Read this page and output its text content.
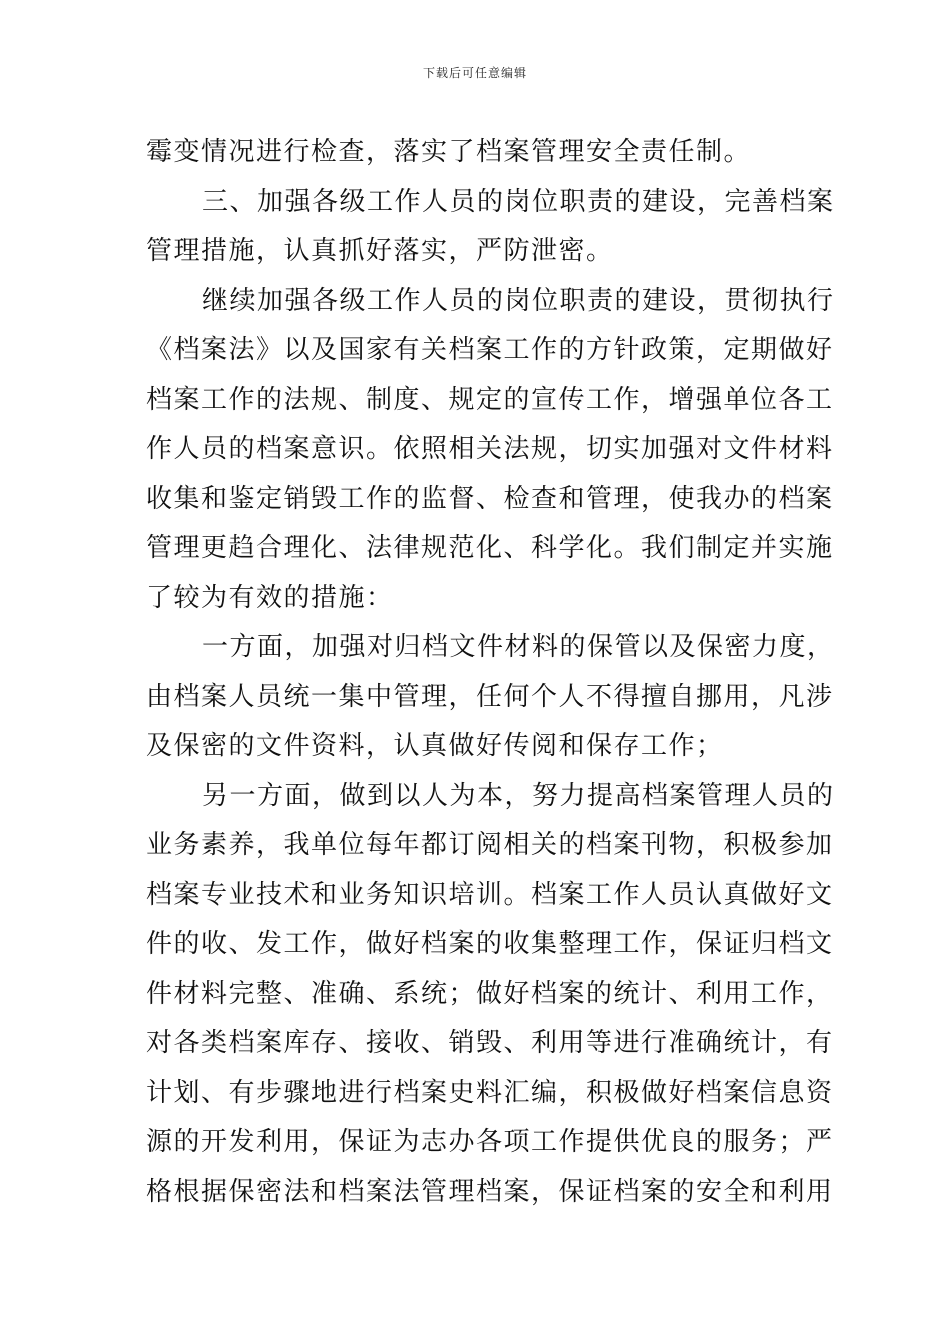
下载后可任意编辑
霉变情况进行检查，落实了档案管理安全责任制。
三、加强各级工作人员的岗位职责的建设，完善档案
管理措施，认真抓好落实，严防泄密。
继续加强各级工作人员的岗位职责的建设，贯彻执行
《档案法》以及国家有关档案工作的方针政策，定期做好
档案工作的法规、制度、规定的宣传工作，增强单位各工
作人员的档案意识。依照相关法规，切实加强对文件材料
收集和鉴定销毁工作的监督、检查和管理，使我办的档案
管理更趋合理化、法律规范化、科学化。我们制定并实施
了较为有效的措施：
一方面，加强对归档文件材料的保管以及保密力度，
由档案人员统一集中管理，任何个人不得擅自挪用，凡涉
及保密的文件资料，认真做好传阅和保存工作；
另一方面，做到以人为本，努力提高档案管理人员的
业务素养，我单位每年都订阅相关的档案刊物，积极参加
档案专业技术和业务知识培训。档案工作人员认真做好文
件的收、发工作，做好档案的收集整理工作，保证归档文
件材料完整、准确、系统；做好档案的统计、利用工作，
对各类档案库存、接收、销毁、利用等进行准确统计，有
计划、有步骤地进行档案史料汇编，积极做好档案信息资
源的开发利用，保证为志办各项工作提供优良的服务；严
格根据保密法和档案法管理档案，保证档案的安全和利用
